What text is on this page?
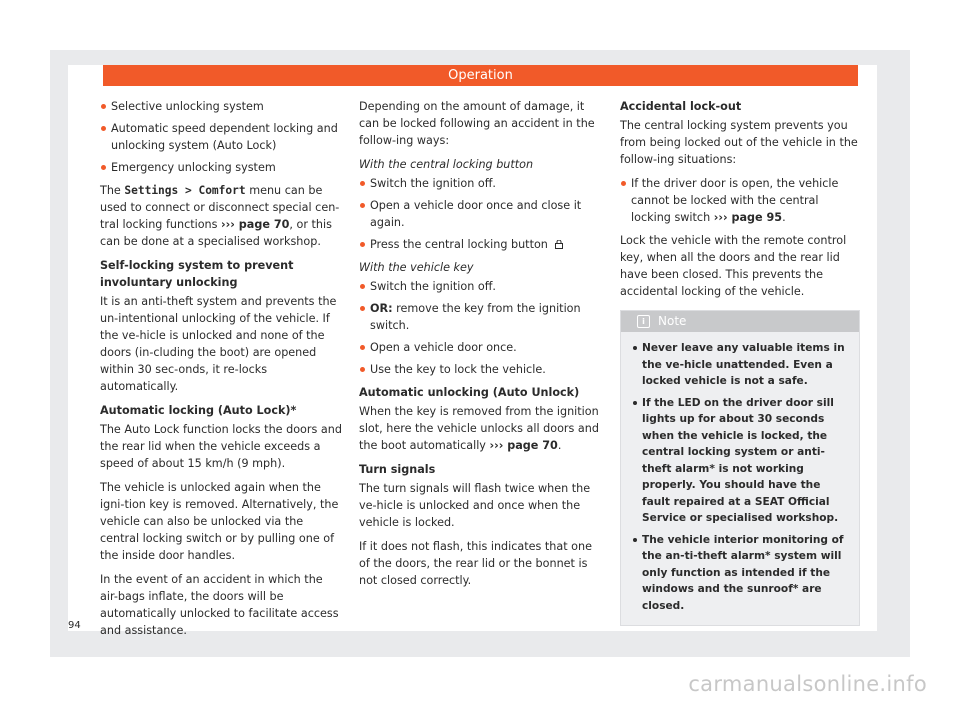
Operation
Selective unlocking system
Automatic speed dependent locking and unlocking system (Auto Lock)
Emergency unlocking system
The Settings > Comfort menu can be used to connect or disconnect special cen-tral locking functions ››› page 70, or this can be done at a specialised workshop.
Self-locking system to prevent involuntary unlocking
It is an anti-theft system and prevents the un-intentional unlocking of the vehicle. If the ve-hicle is unlocked and none of the doors (in-cluding the boot) are opened within 30 sec-onds, it re-locks automatically.
Automatic locking (Auto Lock)*
The Auto Lock function locks the doors and the rear lid when the vehicle exceeds a speed of about 15 km/h (9 mph).
The vehicle is unlocked again when the igni-tion key is removed. Alternatively, the vehicle can also be unlocked via the central locking switch or by pulling one of the inside door handles.
In the event of an accident in which the air-bags inflate, the doors will be automatically unlocked to facilitate access and assistance.
Depending on the amount of damage, it can be locked following an accident in the follow-ing ways:
With the central locking button
Switch the ignition off.
Open a vehicle door once and close it again.
Press the central locking button
With the vehicle key
Switch the ignition off.
OR: remove the key from the ignition switch.
Open a vehicle door once.
Use the key to lock the vehicle.
Automatic unlocking (Auto Unlock)
When the key is removed from the ignition slot, here the vehicle unlocks all doors and the boot automatically ››› page 70.
Turn signals
The turn signals will flash twice when the ve-hicle is unlocked and once when the vehicle is locked.
If it does not flash, this indicates that one of the doors, the rear lid or the bonnet is not closed correctly.
Accidental lock-out
The central locking system prevents you from being locked out of the vehicle in the follow-ing situations:
If the driver door is open, the vehicle cannot be locked with the central locking switch ››› page 95.
Lock the vehicle with the remote control key, when all the doors and the rear lid have been closed. This prevents the accidental locking of the vehicle.
i Note
Never leave any valuable items in the ve-hicle unattended. Even a locked vehicle is not a safe.
If the LED on the driver door sill lights up for about 30 seconds when the vehicle is locked, the central locking system or anti-theft alarm* is not working properly. You should have the fault repaired at a SEAT Official Service or specialised workshop.
The vehicle interior monitoring of the an-ti-theft alarm* system will only function as intended if the windows and the sunroof* are closed.
94
carmanualsonline.info
